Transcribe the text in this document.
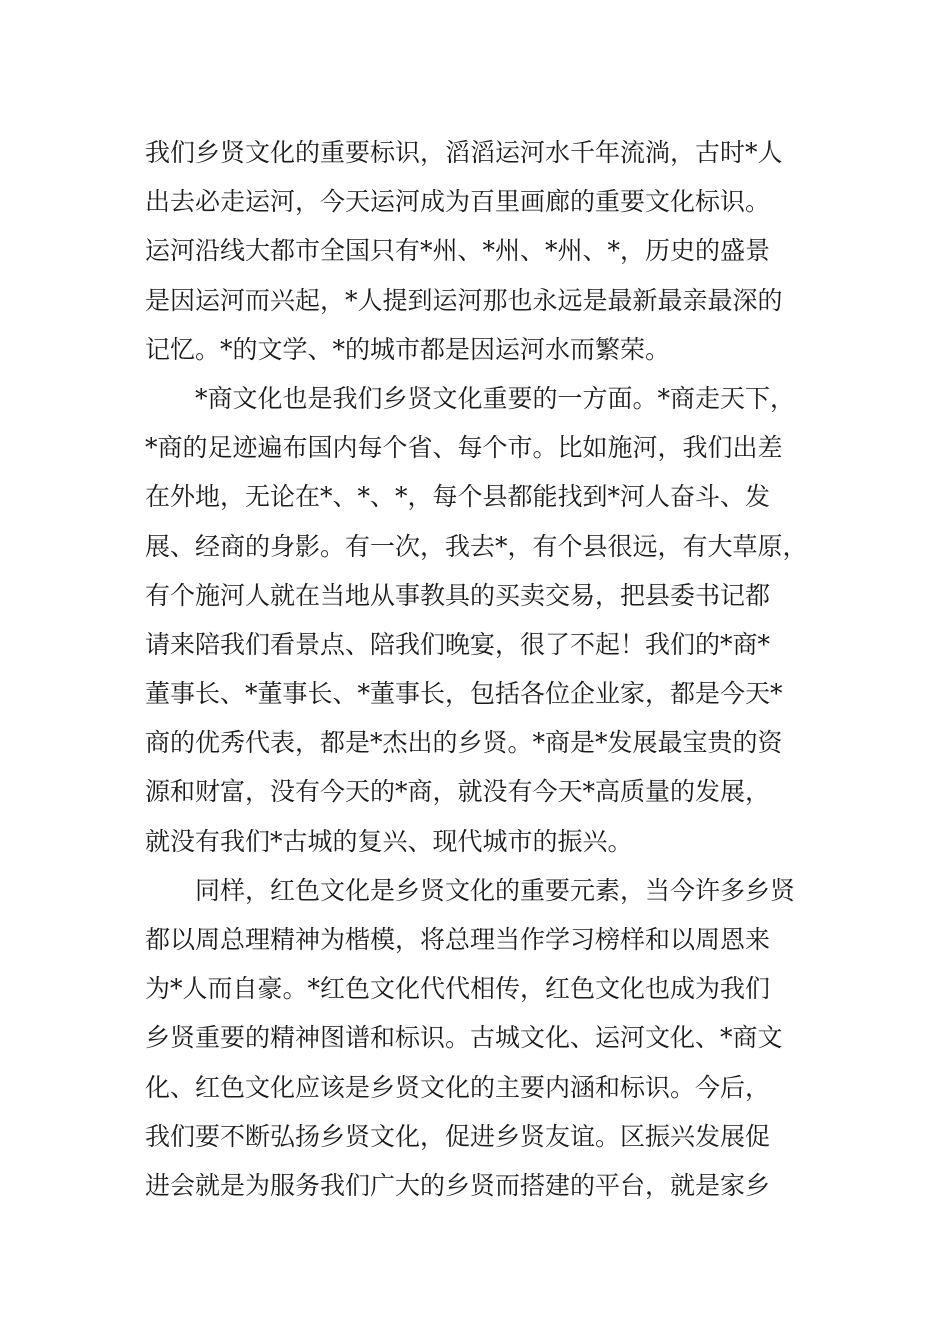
我们乡贤文化的重要标识，滔滔运河水千年流淌，古时*人
出去必走运河，今天运河成为百里画廊的重要文化标识。
运河沿线大都市全国只有*州、*州、*州、*，历史的盛景
是因运河而兴起，*人提到运河那也永远是最新最亲最深的
记忆。*的文学、*的城市都是因运河水而繁荣。
　　*商文化也是我们乡贤文化重要的一方面。*商走天下，
*商的足迹遍布国内每个省、每个市。比如施河，我们出差
在外地，无论在*、*、*，每个县都能找到*河人奋斗、发
展、经商的身影。有一次，我去*，有个县很远，有大草原，
有个施河人就在当地从事教具的买卖交易，把县委书记都
请来陪我们看景点、陪我们晚宴，很了不起！我们的*商*
董事长、*董事长、*董事长，包括各位企业家，都是今天*
商的优秀代表，都是*杰出的乡贤。*商是*发展最宝贵的资
源和财富，没有今天的*商，就没有今天*高质量的发展，
就没有我们*古城的复兴、现代城市的振兴。
　　同样，红色文化是乡贤文化的重要元素，当今许多乡贤
都以周总理精神为楷模，将总理当作学习榜样和以周恩来
为*人而自豪。*红色文化代代相传，红色文化也成为我们
乡贤重要的精神图谱和标识。古城文化、运河文化、*商文
化、红色文化应该是乡贤文化的主要内涵和标识。今后，
我们要不断弘扬乡贤文化，促进乡贤友谊。区振兴发展促
进会就是为服务我们广大的乡贤而搭建的平台，就是家乡
